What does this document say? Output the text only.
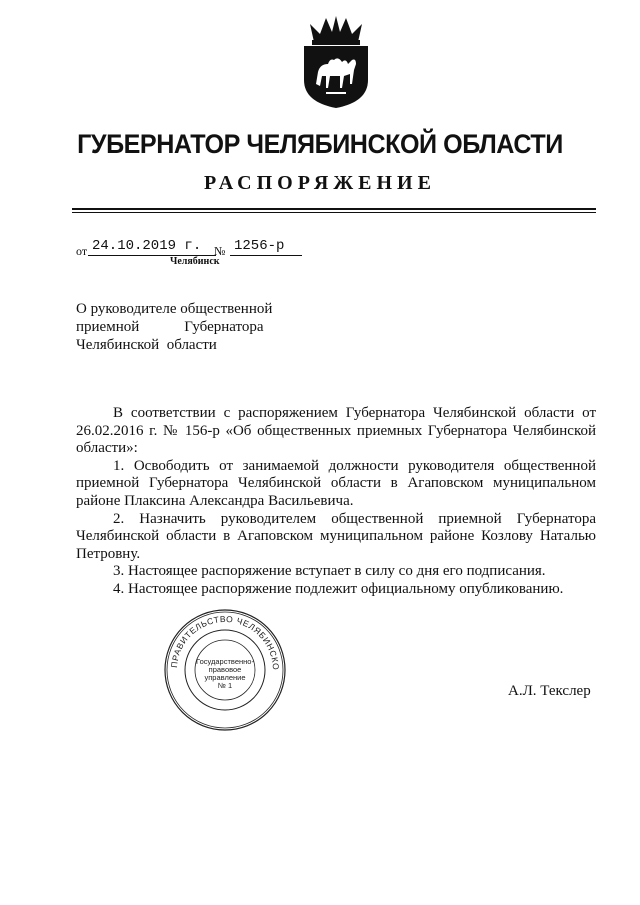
ГУБЕРНАТОР ЧЕЛЯБИНСКОЙ ОБЛАСТИ
РАСПОРЯЖЕНИЕ
от 24.10.2019 г.	№ 1256-р
Челябинск
О руководителе общественной
приемной            Губернатора
Челябинской  области

В соответствии с распоряжением Губернатора Челябинской области от 26.02.2016 г. № 156-р «Об общественных приемных Губернатора Челябинской области»:

1. Освободить от занимаемой должности руководителя общественной приемной Губернатора Челябинской области в Агаповском муниципальном районе Плаксина Александра Васильевича.

2. Назначить руководителем общественной приемной Губернатора Челябинской области в Агаповском муниципальном районе Козлову Наталью Петровну.

3. Настоящее распоряжение вступает в силу со дня его подписания.

4. Настоящее распоряжение подлежит официальному опубликованию.

ПРАВИТЕЛЬСТВО ЧЕЛЯБИНСКО
Государственно-
правовое
управление
№ 1	А.Л. Текслер
